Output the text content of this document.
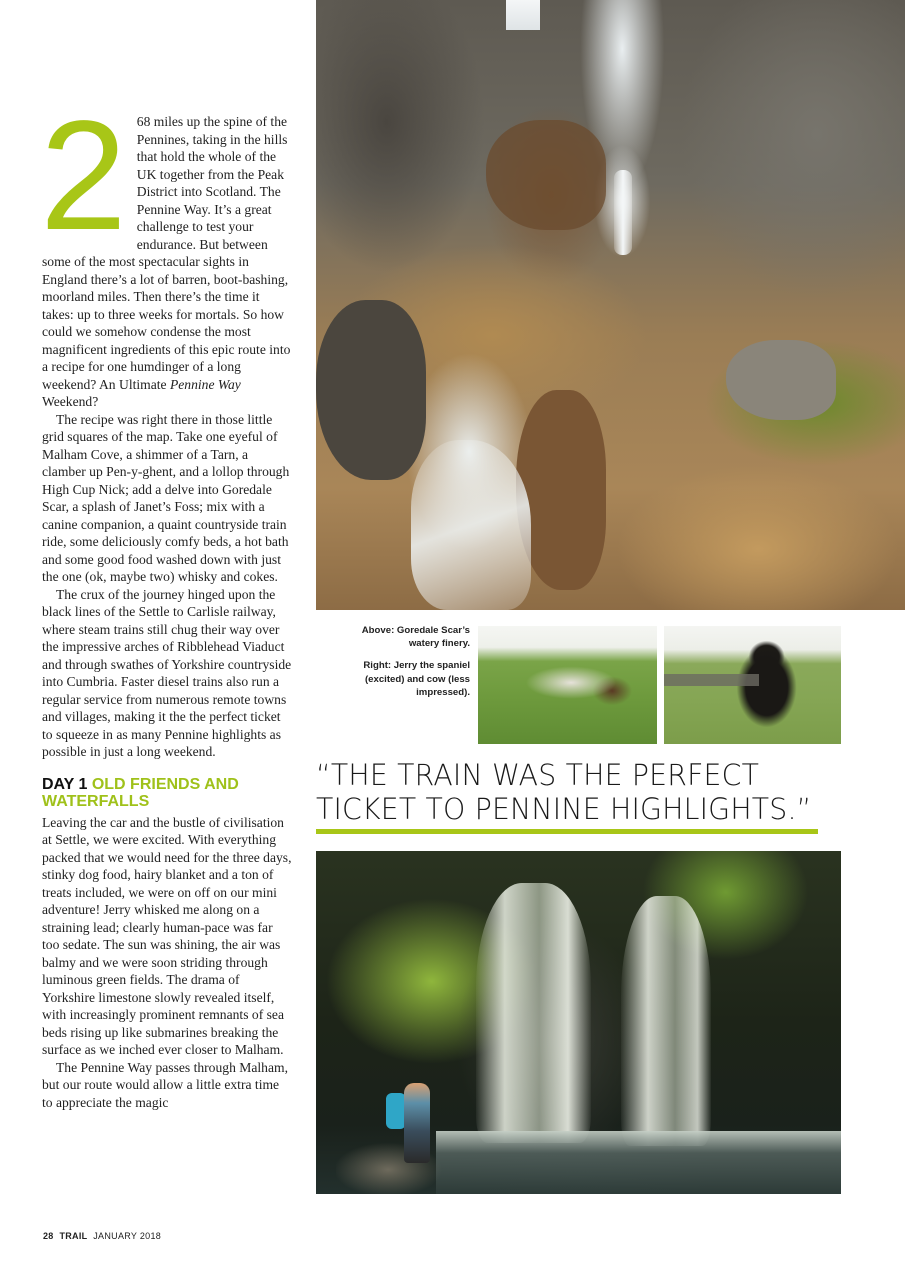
2 68 miles up the spine of the Pennines, taking in the hills that hold the whole of the UK together from the Peak District into Scotland. The Pennine Way. It’s a great challenge to test your endurance. But between some of the most spectacular sights in England there’s a lot of barren, boot-bashing, moorland miles. Then there’s the time it takes: up to three weeks for mortals. So how could we somehow condense the most magnificent ingredients of this epic route into a recipe for one humdinger of a long weekend? An Ultimate Pennine Way Weekend?

The recipe was right there in those little grid squares of the map. Take one eyeful of Malham Cove, a shimmer of a Tarn, a clamber up Pen-y-ghent, and a lollop through High Cup Nick; add a delve into Goredale Scar, a splash of Janet’s Foss; mix with a canine companion, a quaint countryside train ride, some deliciously comfy beds, a hot bath and some good food washed down with just the one (ok, maybe two) whisky and cokes.

The crux of the journey hinged upon the black lines of the Settle to Carlisle railway, where steam trains still chug their way over the impressive arches of Ribblehead Viaduct and through swathes of Yorkshire countryside into Cumbria. Faster diesel trains also run a regular service from numerous remote towns and villages, making it the the perfect ticket to squeeze in as many Pennine highlights as possible in just a long weekend.

DAY 1 OLD FRIENDS AND WATERFALLS

Leaving the car and the bustle of civilisation at Settle, we were excited. With everything packed that we would need for the three days, stinky dog food, hairy blanket and a ton of treats included, we were on off on our mini adventure! Jerry whisked me along on a straining lead; clearly human-pace was far too sedate. The sun was shining, the air was balmy and we were soon striding through luminous green fields. The drama of Yorkshire limestone slowly revealed itself, with increasingly prominent remnants of sea beds rising up like submarines breaking the surface as we inched ever closer to Malham.

The Pennine Way passes through Malham, but our route would allow a little extra time to appreciate the magic

Above: Goredale Scar’s watery finery.

Right: Jerry the spaniel (excited) and cow (less impressed).

“THE TRAIN WAS THE PERFECT TICKET TO PENNINE HIGHLIGHTS.”
28 TRAIL JANUARY 2018
